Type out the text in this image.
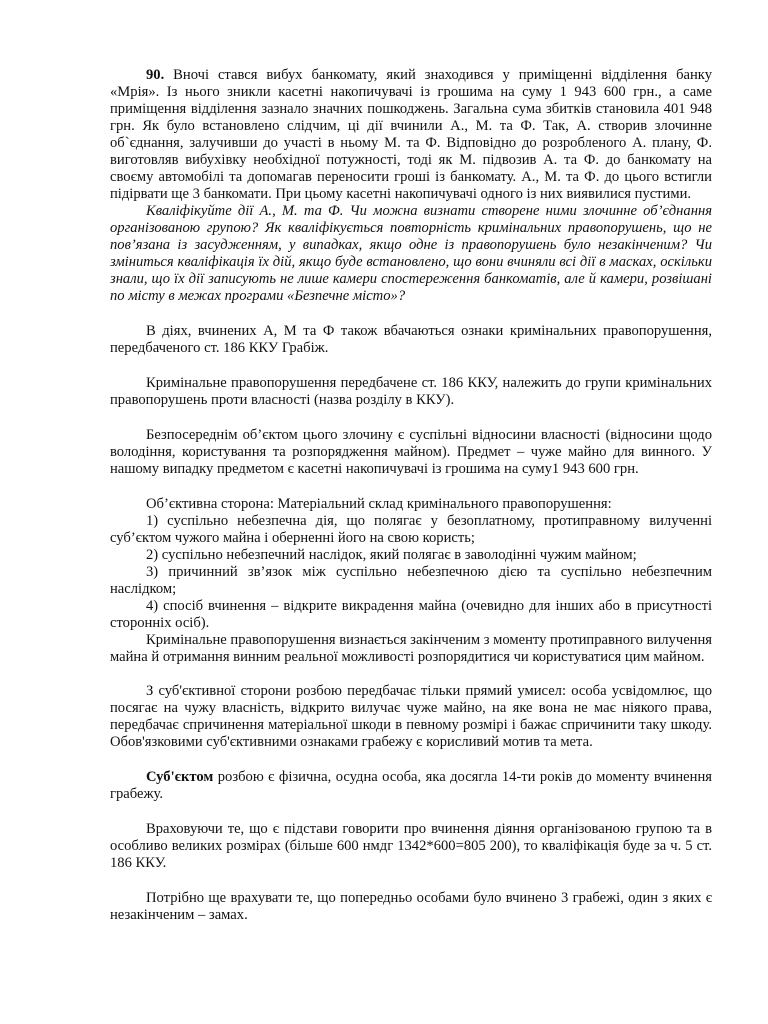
90. Вночі стався вибух банкомату, який знаходився у приміщенні відділення банку «Мрія». Із нього зникли касетні накопичувачі із грошима на суму 1 943 600 грн., а саме приміщення відділення зазнало значних пошкоджень. Загальна сума збитків становила 401 948 грн. Як було встановлено слідчим, ці дії вчинили А., М. та Ф. Так, А. створив злочинне об`єднання, залучивши до участі в ньому М. та Ф. Відповідно до розробленого А. плану, Ф. виготовляв вибухівку необхідної потужності, тоді як М. підвозив А. та Ф. до банкомату на своєму автомобілі та допомагав переносити гроші із банкомату. А., М. та Ф. до цього встигли підірвати ще 3 банкомати. При цьому касетні накопичувачі одного із них виявилися пустими.

Кваліфікуйте дії А., М. та Ф. Чи можна визнати створене ними злочинне об’єднання організованою групою? Як кваліфікується повторність кримінальних правопорушень, що не пов’язана із засудженням, у випадках, якщо одне із правопорушень було незакінченим? Чи зміниться кваліфікація їх дій, якщо буде встановлено, що вони вчиняли всі дії в масках, оскільки знали, що їх дії записують не лише камери спостереження банкоматів, але й камери, розвішані по місту в межах програми «Безпечне місто»?

В діях, вчинених А, М та Ф також вбачаються ознаки кримінальних правопорушення, передбаченого ст. 186 ККУ Грабіж.

Кримінальне правопорушення передбачене ст. 186 ККУ, належить до групи кримінальних правопорушень проти власності (назва розділу в ККУ).

Безпосереднім об’єктом цього злочину є суспільні відносини власності (відносини щодо володіння, користування та розпорядження майном). Предмет – чуже майно для винного. У нашому випадку предметом є касетні накопичувачі із грошима на суму1 943 600 грн.

Об’єктивна сторона: Матеріальний склад кримінального правопорушення:

1) суспільно небезпечна дія, що полягає у безоплатному, протиправному вилученні суб’єктом чужого майна і оберненні його на свою користь;

2) суспільно небезпечний наслідок, який полягає в заволодінні чужим майном;

3) причинний зв’язок між суспільно небезпечною дією та суспільно небезпечним наслідком;

4) спосіб вчинення – відкрите викрадення майна (очевидно для інших або в присутності сторонніх осіб).

Кримінальне правопорушення визнається закінченим з моменту протиправного вилучення майна й отримання винним реальної можливості розпорядитися чи користуватися цим майном.

З суб'єктивної сторони розбою передбачає тільки прямий умисел: особа усвідомлює, що посягає на чужу власність, відкрито вилучає чуже майно, на яке вона не має ніякого права, передбачає спричинення матеріальної шкоди в певному розмірі і бажає спричинити таку шкоду. Обов'язковими суб'єктивними ознаками грабежу є корисливий мотив та мета.

Суб'єктом розбою є фізична, осудна особа, яка досягла 14-ти років до моменту вчинення грабежу.

Враховуючи те, що є підстави говорити про вчинення діяння організованою групою та в особливо великих розмірах (більше 600 нмдг 1342*600=805 200), то кваліфікація буде за ч. 5 ст. 186 ККУ.

Потрібно ще врахувати те, що попередньо особами було вчинено 3 грабежі, один з яких є незакінченим – замах.
